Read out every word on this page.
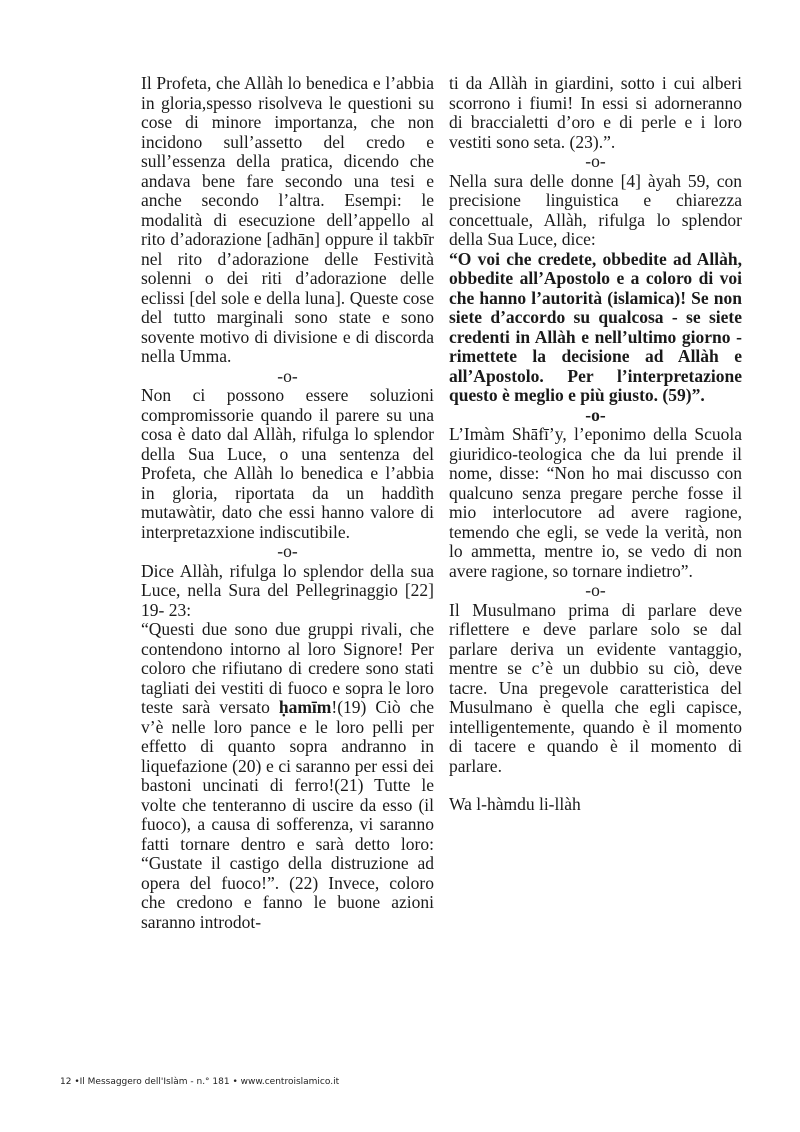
Il Profeta, che Allàh lo benedica e l’abbia in gloria,spesso risolveva le questioni su cose di minore importanza, che non incidono sull’assetto del credo e sull’essenza della pratica, dicendo che andava bene fare secondo una tesi e anche secondo l’altra. Esempi: le modalità di esecuzione dell’appello al rito d’adorazione [adhān] oppure il takbīr nel rito d’adorazione delle Festività solenni o dei riti d’adorazione delle eclissi [del sole e della luna]. Queste cose del tutto marginali sono state e sono sovente motivo di divisione e di discorda nella Umma.

-o-

Non ci possono essere soluzioni compromissorie quando il parere su una cosa è dato dal Allàh, rifulga lo splendor della Sua Luce, o una sentenza del Profeta, che Allàh lo benedica e l’abbia in gloria, riportata da un haddìth mutawàtir, dato che essi hanno valore di interpretazxione indiscutibile.

-o-

Dice Allàh, rifulga lo splendor della sua Luce, nella Sura del Pellegrinaggio [22] 19- 23:

“Questi due sono due gruppi rivali, che contendono intorno al loro Signore! Per coloro che rifiutano di credere sono stati tagliati dei vestiti di fuoco e sopra le loro teste sarà versato ḥamīm!(19) Ciò che v’è nelle loro pance e le loro pelli per effetto di quanto sopra andranno in liquefazione (20) e ci saranno per essi dei bastoni uncinati di ferro!(21) Tutte le volte che tenteranno di uscire da esso (il fuoco), a causa di sofferenza, vi saranno fatti tornare dentro e sarà detto loro: “Gustate il castigo della distruzione ad opera del fuoco!”. (22) Invece, coloro che credono e fanno le buone azioni saranno introdot-

ti da Allàh in giardini, sotto i cui alberi scorrono i fiumi! In essi si adorneranno di braccialetti d’oro e di perle e i loro vestiti sono seta. (23).”.

-o-

Nella sura delle donne [4] àyah 59, con precisione linguistica e chiarezza concettuale, Allàh, rifulga lo splendor della Sua Luce, dice:

“O voi che credete, obbedite ad Allàh, obbedite all’Apostolo e a coloro di voi che hanno l’autorità (islamica)! Se non siete d’accordo su qualcosa - se siete credenti in Allàh e nell’ultimo giorno - rimettete la decisione ad Allàh e all’Apostolo. Per l’interpretazione questo è meglio e più giusto. (59)”.

-o-

L’Imàm Shāfī’y, l’eponimo della Scuola giuridico-teologica che da lui prende il nome, disse: “Non ho mai discusso con qualcuno senza pregare perche fosse il mio interlocutore ad avere ragione, temendo che egli, se vede la verità, non lo ammetta, mentre io, se vedo di non avere ragione, so tornare indietro”.

-o-

Il Musulmano prima di parlare deve riflettere e deve parlare solo se dal parlare deriva un evidente vantaggio, mentre se c’è un dubbio su ciò, deve tacre. Una pregevole caratteristica del Musulmano è quella che egli capisce, intelligentemente, quando è il momento di tacere e quando è il momento di parlare.

Wa l-hàmdu li-llàh

12 •Il Messaggero dell'Islàm - n.° 181 • www.centroislamico.it
